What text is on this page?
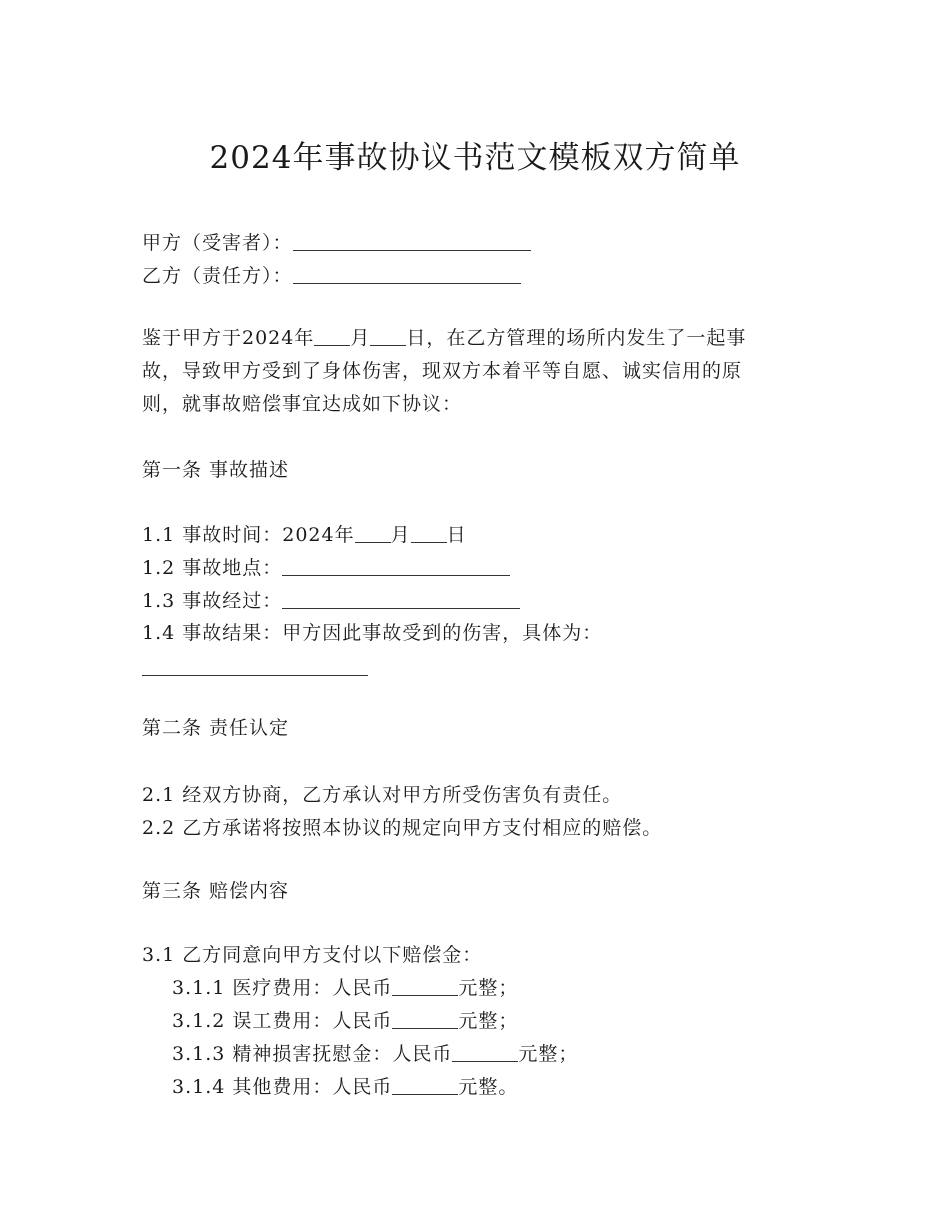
2024年事故协议书范文模板双方简单
甲方（受害者）：
乙方（责任方）：
鉴于甲方于2024年 月 日，在乙方管理的场所内发生了一起事
故，导致甲方受到了身体伤害，现双方本着平等自愿、诚实信用的原
则，就事故赔偿事宜达成如下协议：
第一条 事故描述
1.1 事故时间：2024年 月 日
1.2 事故地点：
1.3 事故经过：
1.4 事故结果：甲方因此事故受到的伤害，具体为：
第二条 责任认定
2.1 经双方协商，乙方承认对甲方所受伤害负有责任。
2.2 乙方承诺将按照本协议的规定向甲方支付相应的赔偿。
第三条 赔偿内容
3.1 乙方同意向甲方支付以下赔偿金：
3.1.1 医疗费用：人民币	元整；
3.1.2 误工费用：人民币	元整；
3.1.3 精神损害抚慰金：人民币	元整；
3.1.4 其他费用：人民币	元整。
